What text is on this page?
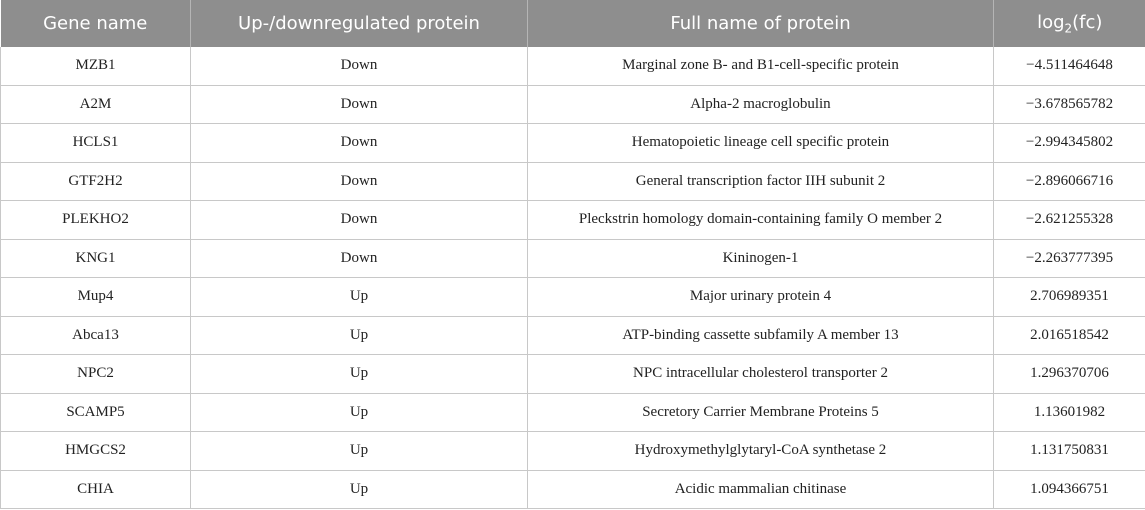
Gene name	Up-/downregulated protein	Full name of protein	$\log_2(fc)$
MZB1	Down	Marginal zone B- and B1-cell-specific protein	−4.511464648
A2M	Down	Alpha-2 macroglobulin	−3.678565782
HCLS1	Down	Hematopoietic lineage cell specific protein	−2.994345802
GTF2H2	Down	General transcription factor IIH subunit 2	−2.896066716
PLEKHO2	Down	Pleckstrin homology domain-containing family O member 2	−2.621255328
KNG1	Down	Kininogen-1	−2.263777395
Mup4	Up	Major urinary protein 4	2.706989351
Abca13	Up	ATP-binding cassette subfamily A member 13	2.016518542
NPC2	Up	NPC intracellular cholesterol transporter 2	1.296370706
SCAMP5	Up	Secretory Carrier Membrane Proteins 5	1.13601982
HMGCS2	Up	Hydroxymethylglytaryl-CoA synthetase 2	1.131750831
CHIA	Up	Acidic mammalian chitinase	1.094366751
